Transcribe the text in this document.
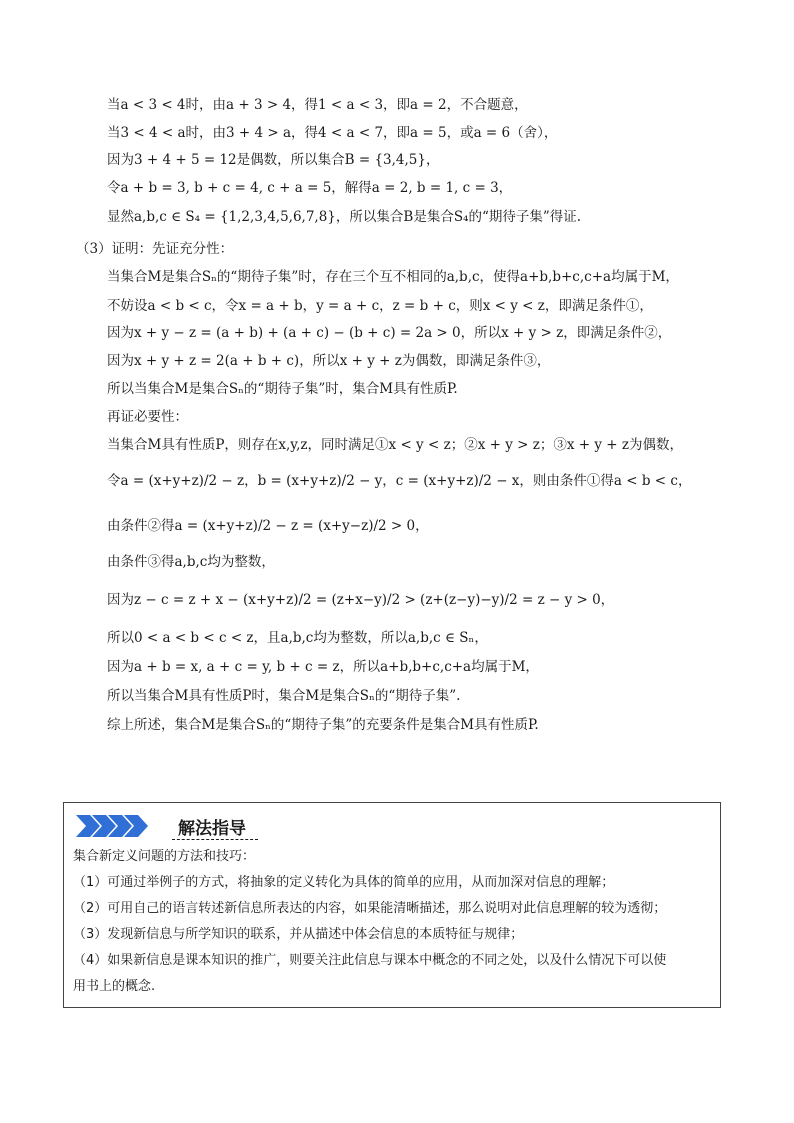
当a < 3 < 4时，由a + 3 > 4，得1 < a < 3，即a = 2，不合题意，
当3 < 4 < a时，由3 + 4 > a，得4 < a < 7，即a = 5，或a = 6（舍），
因为3 + 4 + 5 = 12是偶数，所以集合B = {3,4,5}，
令a + b = 3, b + c = 4, c + a = 5，解得a = 2, b = 1, c = 3，
显然a,b,c ∈ S₄ = {1,2,3,4,5,6,7,8}，所以集合B是集合S₄的“期待子集”得证.
（3）证明：先证充分性：
当集合M是集合Sₙ的“期待子集”时，存在三个互不相同的a,b,c，使得a+b,b+c,c+a均属于M，
不妨设a < b < c，令x = a + b，y = a + c，z = b + c，则x < y < z，即满足条件①，
因为x + y − z = (a + b) + (a + c) − (b + c) = 2a > 0，所以x + y > z，即满足条件②，
因为x + y + z = 2(a + b + c)，所以x + y + z为偶数，即满足条件③，
所以当集合M是集合Sₙ的“期待子集”时，集合M具有性质P.
再证必要性：
当集合M具有性质P，则存在x,y,z，同时满足①x < y < z；②x + y > z；③x + y + z为偶数，
令a = (x+y+z)/2 − z，b = (x+y+z)/2 − y，c = (x+y+z)/2 − x，则由条件①得a < b < c，
由条件②得a = (x+y+z)/2 − z = (x+y−z)/2 > 0，
由条件③得a,b,c均为整数，
因为z − c = z + x − (x+y+z)/2 = (z+x−y)/2 > (z+(z−y)−y)/2 = z − y > 0，
所以0 < a < b < c < z，且a,b,c均为整数，所以a,b,c ∈ Sₙ，
因为a + b = x, a + c = y, b + c = z，所以a+b,b+c,c+a均属于M，
所以当集合M具有性质P时，集合M是集合Sₙ的“期待子集”.
综上所述，集合M是集合Sₙ的“期待子集”的充要条件是集合M具有性质P.
解法指导
集合新定义问题的方法和技巧：
（1）可通过举例子的方式，将抽象的定义转化为具体的简单的应用，从而加深对信息的理解；
（2）可用自己的语言转述新信息所表达的内容，如果能清晰描述，那么说明对此信息理解的较为透彻；
（3）发现新信息与所学知识的联系，并从描述中体会信息的本质特征与规律；
（4）如果新信息是课本知识的推广，则要关注此信息与课本中概念的不同之处，以及什么情况下可以使
用书上的概念.
